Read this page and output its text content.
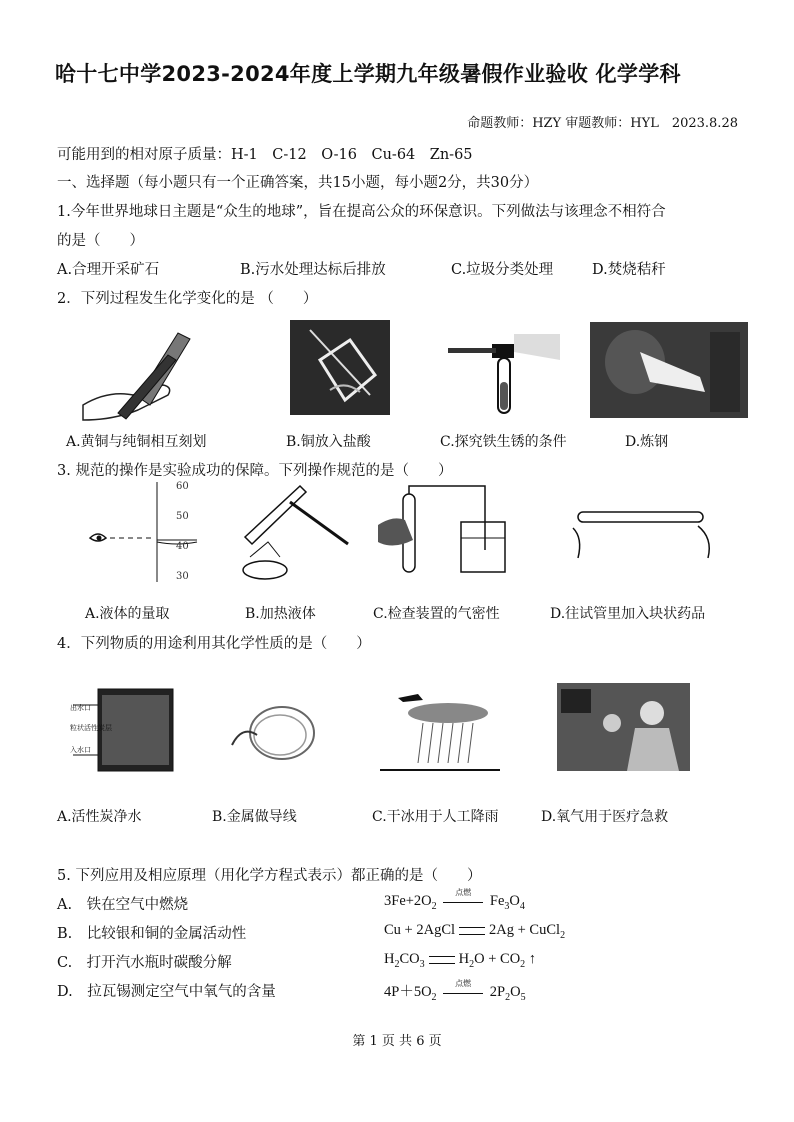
哈十七中学2023-2024年度上学期九年级暑假作业验收 化学学科
命题教师：HZY 审题教师：HYL　2023.8.28
可能用到的相对原子质量：H-1　C-12　O-16　Cu-64　Zn-65
一、选择题（每小题只有一个正确答案，共15小题，每小题2分，共30分）
1.今年世界地球日主题是“众生的地球”，旨在提高公众的环保意识。下列做法与该理念不相符合
的是（　　）
A.合理开采矿石	B.污水处理达标后排放	C.垃圾分类处理	D.焚烧秸秆
2．下列过程发生化学变化的是 （　　）
A.黄铜与纯铜相互刻划	B.铜放入盐酸	C.探究铁生锈的条件	D.炼钢
3. 规范的操作是实验成功的保障。下列操作规范的是（　　）
60
50
40
30
A.液体的量取	B.加热液体	C.检查装置的气密性	D.往试管里加入块状药品
4．下列物质的用途利用其化学性质的是（　　）
出水口
粒状活性炭层
入水口
A.活性炭净水	B.金属做导线	C.干冰用于人工降雨	D.氧气用于医疗急救
5. 下列应用及相应原理（用化学方程式表示）都正确的是（　　）
A.　铁在空气中燃烧	$3Fe+2O_2$
点燃
$Fe_3O_4$
B.　比较银和铜的金属活动性	Cu + 2AgCl 2Ag + CuCl$_2$
C.　打开汽水瓶时碳酸分解	$H_2CO_3$ $H_2O + CO_2$ ↑
D.　拉瓦锡测定空气中氧气的含量	$4P+5O_2$
点燃
$2P_2O_5$
第 1 页 共 6 页
